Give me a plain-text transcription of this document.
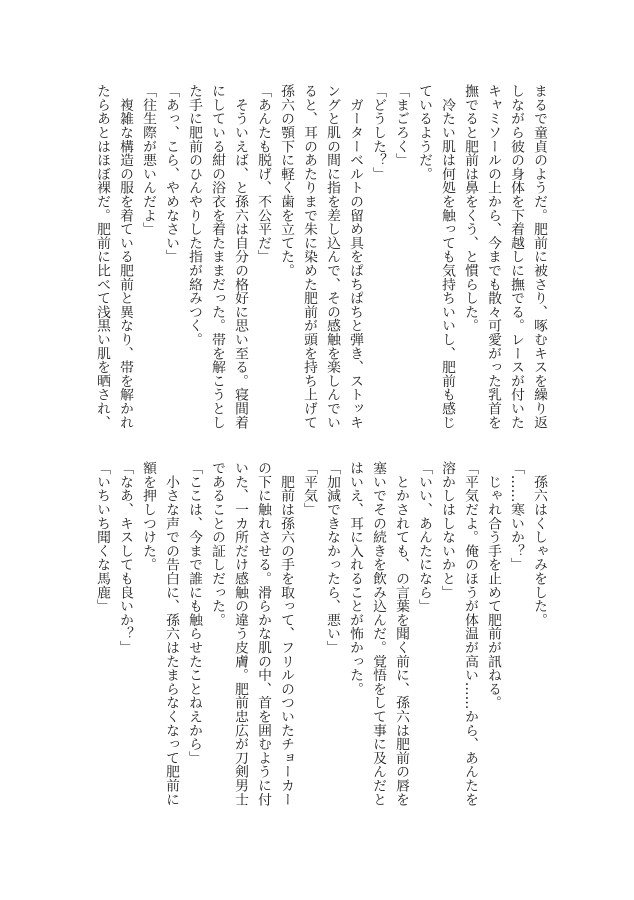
まるで童貞のようだ。肥前に被さり、啄むキスを繰り返
しながら彼の身体を下着越しに撫でる。レースが付いた
キャミソールの上から、今までも散々可愛がった乳首を
撫でると肥前は鼻をくう、と慣らした。
　冷たい肌は何処を触っても気持ちいいし、肥前も感じ
ているようだ。
「まごろく」
「どうした？」
　ガーターベルトの留め具をぱちぱちと弾き、ストッキ
ングと肌の間に指を差し込んで、その感触を楽しんでい
ると、耳のあたりまで朱に染めた肥前が頭を持ち上げて
孫六の顎下に軽く歯を立てた。
「あんたも脱げ、不公平だ」
　そういえば、と孫六は自分の格好に思い至る。寝間着
にしている紺の浴衣を着たままだった。帯を解こうとし
た手に肥前のひんやりした指が絡みつく。
「あっ、こら、やめなさい」
「往生際が悪いんだよ」
　複雑な構造の服を着ている肥前と異なり、帯を解かれ
たらあとはほぼ裸だ。肥前に比べて浅黒い肌を晒され、
　孫六はくしゃみをした。
「……寒いか？」
　じゃれ合う手を止めて肥前が訊ねる。
「平気だよ。俺のほうが体温が高い……から、あんたを
溶かしはしないかと」
「いい、あんたになら」
　とかされても、の言葉を聞く前に、孫六は肥前の唇を
塞いでその続きを飲み込んだ。覚悟をして事に及んだと
はいえ、耳に入れることが怖かった。
「加減できなかったら、悪い」
「平気」
　肥前は孫六の手を取って、フリルのついたチョーカー
の下に触れさせる。滑らかな肌の中、首を囲むように付
いた、一カ所だけ感触の違う皮膚。肥前忠広が刀剣男士
であることの証しだった。
「ここは、今まで誰にも触らせたことねえから」
　小さな声での告白に、孫六はたまらなくなって肥前に
額を押しつけた。
「なあ、キスしても良いか？」
「いちいち聞くな馬鹿」
